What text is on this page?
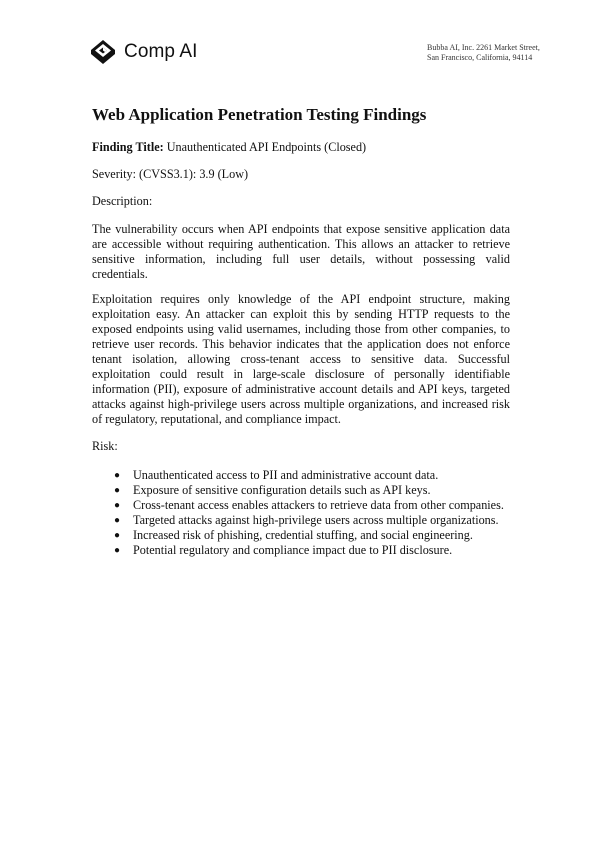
Comp AI	Bubba AI, Inc. 2261 Market Street,
San Francisco, California, 94114
Web Application Penetration Testing Findings

Finding Title: Unauthenticated API Endpoints (Closed)

Severity: (CVSS3.1): 3.9 (Low)

Description:

The vulnerability occurs when API endpoints that expose sensitive application data are accessible without requiring authentication. This allows an attacker to retrieve sensitive information, including full user details, without possessing valid credentials.

Exploitation requires only knowledge of the API endpoint structure, making exploitation easy. An attacker can exploit this by sending HTTP requests to the exposed endpoints using valid usernames, including those from other companies, to retrieve user records. This behavior indicates that the application does not enforce tenant isolation, allowing cross-tenant access to sensitive data. Successful exploitation could result in large-scale disclosure of personally identifiable information (PII), exposure of administrative account details and API keys, targeted attacks against high-privilege users across multiple organizations, and increased risk of regulatory, reputational, and compliance impact.

Risk:

● Unauthenticated access to PII and administrative account data.
● Exposure of sensitive configuration details such as API keys.
● Cross-tenant access enables attackers to retrieve data from other companies.
● Targeted attacks against high-privilege users across multiple organizations.
● Increased risk of phishing, credential stuffing, and social engineering.
● Potential regulatory and compliance impact due to PII disclosure.
